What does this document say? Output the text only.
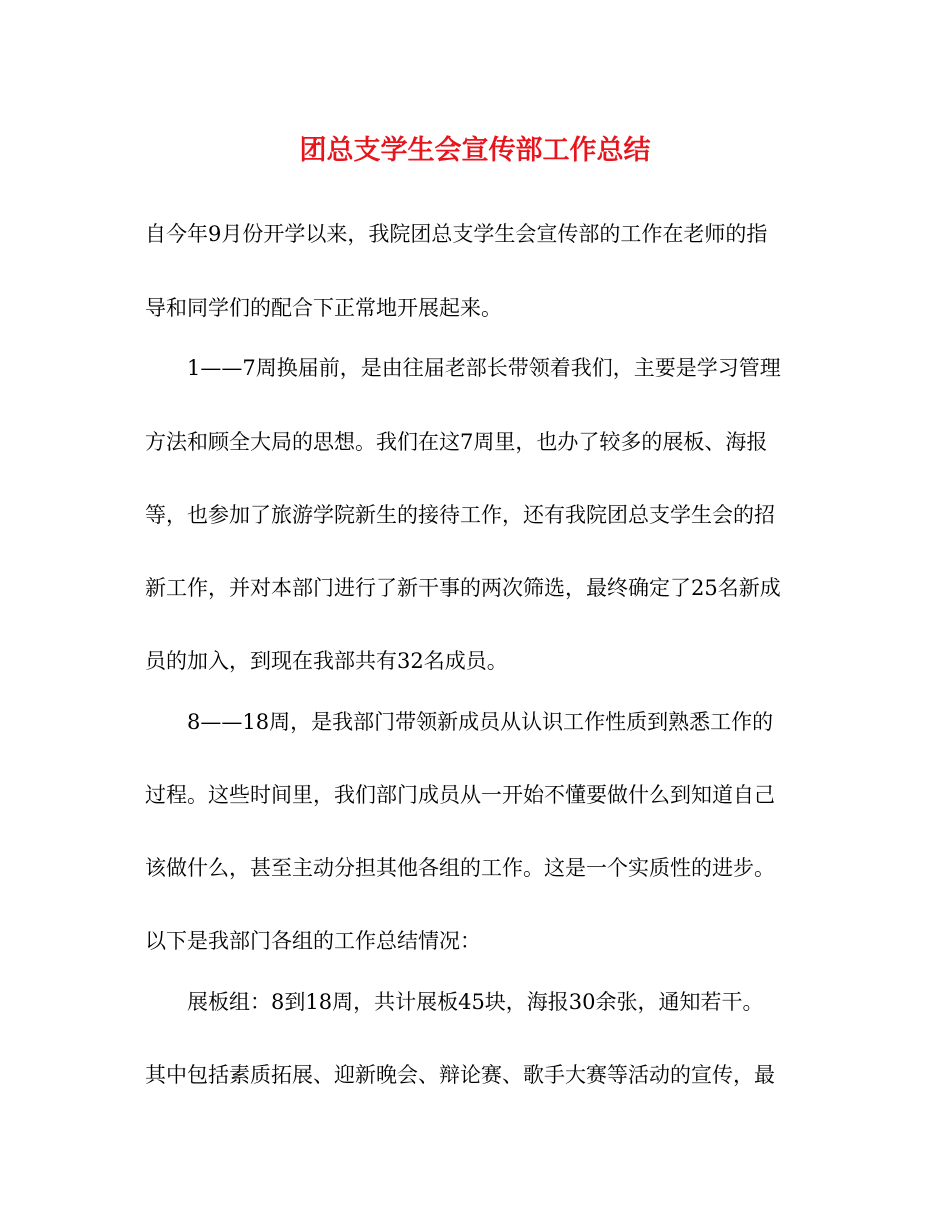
团总支学生会宣传部工作总结
自今年9月份开学以来，我院团总支学生会宣传部的工作在老师的指
导和同学们的配合下正常地开展起来。
1——7周换届前，是由往届老部长带领着我们，主要是学习管理
方法和顾全大局的思想。我们在这7周里，也办了较多的展板、海报
等，也参加了旅游学院新生的接待工作，还有我院团总支学生会的招
新工作，并对本部门进行了新干事的两次筛选，最终确定了25名新成
员的加入，到现在我部共有32名成员。
8——18周，是我部门带领新成员从认识工作性质到熟悉工作的
过程。这些时间里，我们部门成员从一开始不懂要做什么到知道自己
该做什么，甚至主动分担其他各组的工作。这是一个实质性的进步。
以下是我部门各组的工作总结情况：
展板组：8到18周，共计展板45块，海报30余张，通知若干。
其中包括素质拓展、迎新晚会、辩论赛、歌手大赛等活动的宣传，最
